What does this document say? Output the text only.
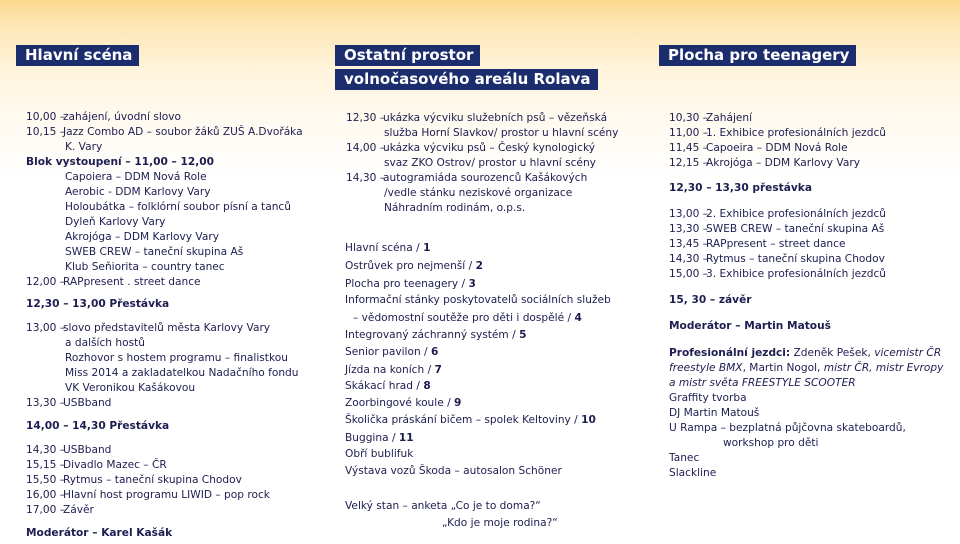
Hlavní scéna
10,00 –zahájení, úvodní slovo
10,15 –Jazz Combo AD – soubor žáků ZUŠ A.Dvořáka
K. Vary
Blok vystoupení – 11,00 – 12,00
Capoiera – DDM Nová Role
Aerobic - DDM Karlovy Vary
Holoubátka – folklórní soubor písní a tanců
Dyleň Karlovy Vary
Akrojóga – DDM Karlovy Vary
SWEB CREW – taneční skupina Aš
Klub Seňiorita – country tanec
12,00 –RAPpresent . street dance
12,30 – 13,00 Přestávka
13,00 –slovo představitelů města Karlovy Vary
a dalších hostů
Rozhovor s hostem programu – finalistkou
Miss 2014 a zakladatelkou Nadačního fondu
VK Veronikou Kašákovou
13,30 –USBband
14,00 – 14,30 Přestávka
14,30 –USBband
15,15 –Divadlo Mazec – ČR
15,50 –Rytmus – taneční skupina Chodov
16,00 –Hlavní host programu LIWID – pop rock
17,00 –Závěr
Moderátor – Karel Kašák
Ostatní prostor
volnočasového areálu Rolava
12,30 –ukázka výcviku služebních psů – vězeňská
služba Horní Slavkov/ prostor u hlavní scény
14,00 –ukázka výcviku psů – Český kynologický
svaz ZKO Ostrov/ prostor u hlavní scény
14,30 –autogramiáda sourozenců Kašákových
/vedle stánku neziskové organizace
Náhradním rodinám, o.p.s.
Hlavní scéna / 1
Ostrůvek pro nejmenší / 2
Plocha pro teenagery / 3
Informační stánky poskytovatelů sociálních služeb
– vědomostní soutěže pro děti i dospělé / 4
Integrovaný záchranný systém / 5
Senior pavilon / 6
Jízda na koních / 7
Skákací hrad / 8
Zoorbingové koule / 9
Školička práskání bičem – spolek Keltoviny / 10
Buggina / 11
Obří bublifuk
Výstava vozů Škoda – autosalon Schöner
Velký stan – anketa „Co je to doma?“
„Kdo je moje rodina?“
Plocha pro teenagery
10,30 –Zahájení
11,00 –1. Exhibice profesionálních jezdců
11,45 –Capoeira – DDM Nová Role
12,15 –Akrojóga – DDM Karlovy Vary
12,30 – 13,30 přestávka
13,00 –2. Exhibice profesionálních jezdců
13,30 –SWEB CREW – taneční skupina Aš
13,45 –RAPpresent – street dance
14,30 –Rytmus – taneční skupina Chodov
15,00 –3. Exhibice profesionálních jezdců
15, 30 – závěr
Moderátor – Martin Matouš
Profesionální jezdci: Zdeněk Pešek, vicemistr ČR
freestyle BMX, Martin Nogol, mistr ČR, mistr Evropy
a mistr světa FREESTYLE SCOOTER
Graffity tvorba
DJ Martin Matouš
U Rampa – bezplatná půjčovna skateboardů,
workshop pro děti
Tanec
Slackline
